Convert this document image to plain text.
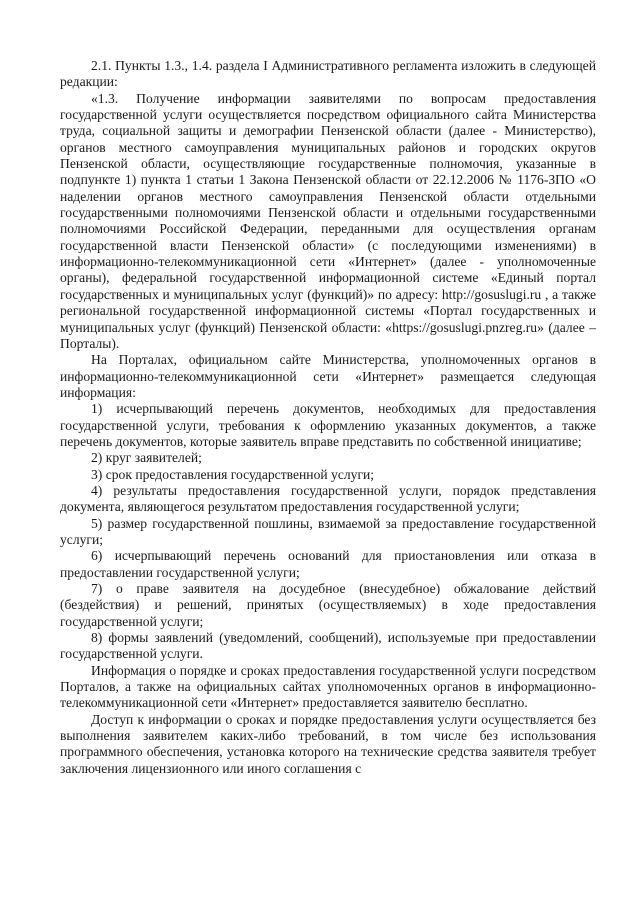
2.1. Пункты 1.3., 1.4. раздела I Административного регламента изложить в следующей редакции:

«1.3. Получение информации заявителями по вопросам предоставления государственной услуги осуществляется посредством официального сайта Министерства труда, социальной защиты и демографии Пензенской области (далее - Министерство), органов местного самоуправления муниципальных районов и городских округов Пензенской области, осуществляющие государственные полномочия, указанные в подпункте 1) пункта 1 статьи 1 Закона Пензенской области от 22.12.2006 № 1176-ЗПО «О наделении органов местного самоуправления Пензенской области отдельными государственными полномочиями Пензенской области и отдельными государственными полномочиями Российской Федерации, переданными для осуществления органам государственной власти Пензенской области» (с последующими изменениями) в информационно-телекоммуникационной сети «Интернет» (далее - уполномоченные органы), федеральной государственной информационной системе «Единый портал государственных и муниципальных услуг (функций)» по адресу: http://gosuslugi.ru , а также региональной государственной информационной системы «Портал государственных и муниципальных услуг (функций) Пензенской области: «https://gosuslugi.pnzreg.ru» (далее – Порталы).

На Порталах, официальном сайте Министерства, уполномоченных органов в информационно-телекоммуникационной сети «Интернет» размещается следующая информация:

1) исчерпывающий перечень документов, необходимых для предоставления государственной услуги, требования к оформлению указанных документов, а также перечень документов, которые заявитель вправе представить по собственной инициативе;

2) круг заявителей;

3) срок предоставления государственной услуги;

4) результаты предоставления государственной услуги, порядок представления документа, являющегося результатом предоставления государственной услуги;

5) размер государственной пошлины, взимаемой за предоставление государственной услуги;

6) исчерпывающий перечень оснований для приостановления или отказа в предоставлении государственной услуги;

7) о праве заявителя на досудебное (внесудебное) обжалование действий (бездействия) и решений, принятых (осуществляемых) в ходе предоставления государственной услуги;

8) формы заявлений (уведомлений, сообщений), используемые при предоставлении государственной услуги.

Информация о порядке и сроках предоставления государственной услуги посредством Порталов, а также на официальных сайтах уполномоченных органов в информационно-телекоммуникационной сети «Интернет» предоставляется заявителю бесплатно.

Доступ к информации о сроках и порядке предоставления услуги осуществляется без выполнения заявителем каких-либо требований, в том числе без использования программного обеспечения, установка которого на технические средства заявителя требует заключения лицензионного или иного соглашения с
